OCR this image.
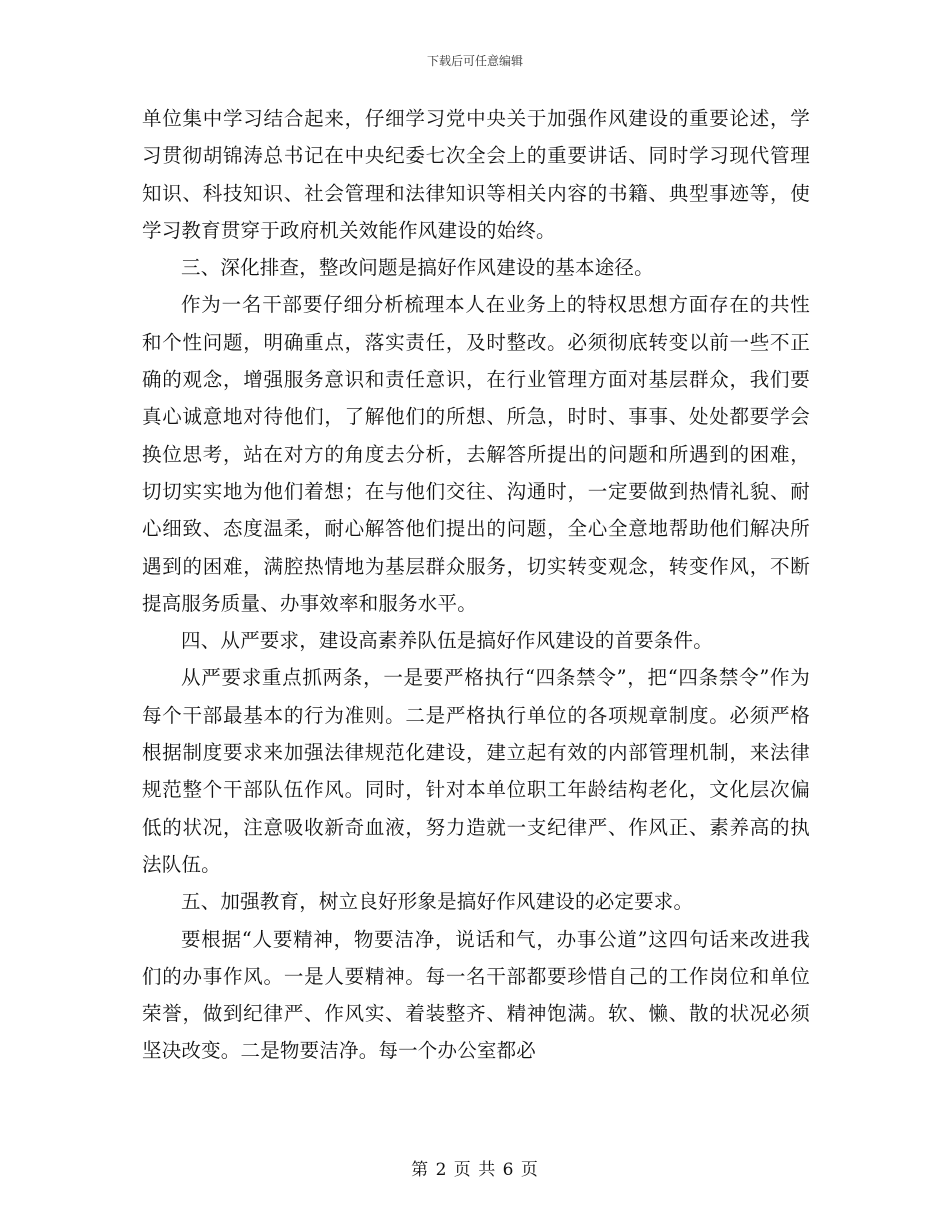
下载后可任意编辑

单位集中学习结合起来，仔细学习党中央关于加强作风建设的重要论述，学习贯彻胡锦涛总书记在中央纪委七次全会上的重要讲话、同时学习现代管理知识、科技知识、社会管理和法律知识等相关内容的书籍、典型事迹等，使学习教育贯穿于政府机关效能作风建设的始终。

三、深化排查，整改问题是搞好作风建设的基本途径。

作为一名干部要仔细分析梳理本人在业务上的特权思想方面存在的共性和个性问题，明确重点，落实责任，及时整改。必须彻底转变以前一些不正确的观念，增强服务意识和责任意识，在行业管理方面对基层群众，我们要真心诚意地对待他们，了解他们的所想、所急，时时、事事、处处都要学会换位思考，站在对方的角度去分析，去解答所提出的问题和所遇到的困难，切切实实地为他们着想；在与他们交往、沟通时，一定要做到热情礼貌、耐心细致、态度温柔，耐心解答他们提出的问题，全心全意地帮助他们解决所遇到的困难，满腔热情地为基层群众服务，切实转变观念，转变作风，不断提高服务质量、办事效率和服务水平。

四、从严要求，建设高素养队伍是搞好作风建设的首要条件。

从严要求重点抓两条，一是要严格执行“四条禁令”，把“四条禁令”作为每个干部最基本的行为准则。二是严格执行单位的各项规章制度。必须严格根据制度要求来加强法律规范化建设，建立起有效的内部管理机制，来法律规范整个干部队伍作风。同时，针对本单位职工年龄结构老化，文化层次偏低的状况，注意吸收新奇血液，努力造就一支纪律严、作风正、素养高的执法队伍。

五、加强教育，树立良好形象是搞好作风建设的必定要求。

要根据“人要精神，物要洁净，说话和气，办事公道”这四句话来改进我们的办事作风。一是人要精神。每一名干部都要珍惜自己的工作岗位和单位荣誉，做到纪律严、作风实、着装整齐、精神饱满。软、懒、散的状况必须坚决改变。二是物要洁净。每一个办公室都必

第 2 页 共 6 页
